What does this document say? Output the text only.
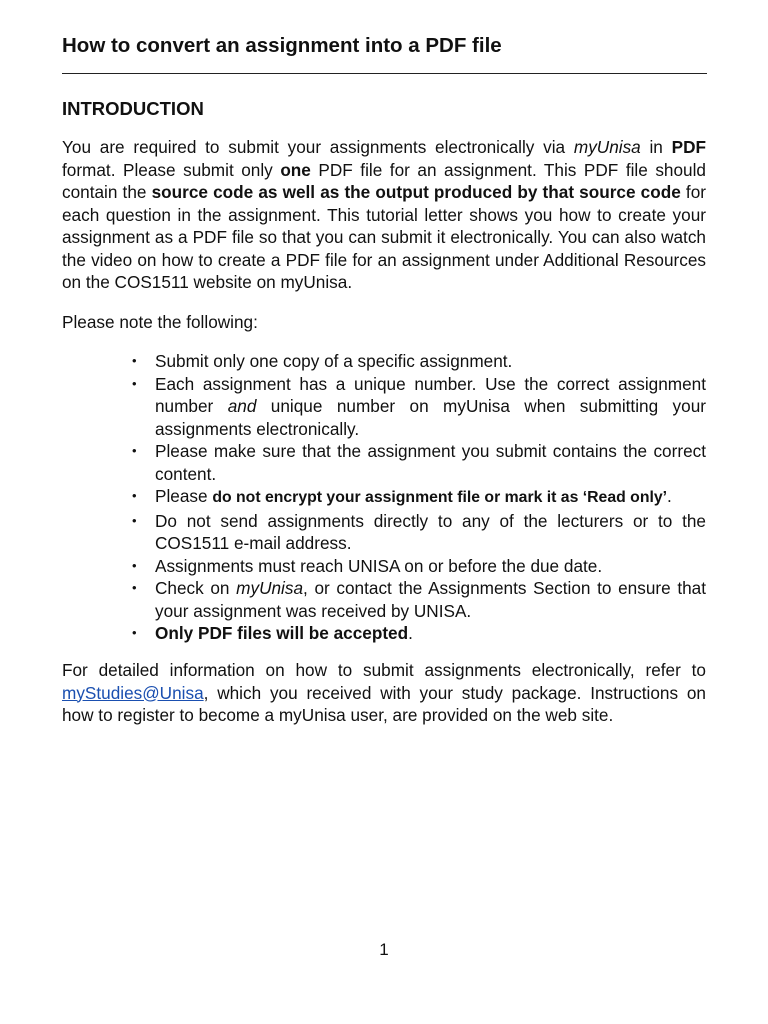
How to convert an assignment into a PDF file
INTRODUCTION

You are required to submit your assignments electronically via myUnisa in PDF format. Please submit only one PDF file for an assignment. This PDF file should contain the source code as well as the output produced by that source code for each question in the assignment. This tutorial letter shows you how to create your assignment as a PDF file so that you can submit it electronically. You can also watch the video on how to create a PDF file for an assignment under Additional Resources on the COS1511 website on myUnisa.

Please note the following:

• Submit only one copy of a specific assignment.
• Each assignment has a unique number. Use the correct assignment number and unique number on myUnisa when submitting your assignments electronically.
• Please make sure that the assignment you submit contains the correct content.
• Please do not encrypt your assignment file or mark it as ‘Read only’.
• Do not send assignments directly to any of the lecturers or to the COS1511 e-mail address.
• Assignments must reach UNISA on or before the due date.
• Check on myUnisa, or contact the Assignments Section to ensure that your assignment was received by UNISA.
• Only PDF files will be accepted.

For detailed information on how to submit assignments electronically, refer to myStudies@Unisa, which you received with your study package. Instructions on how to register to become a myUnisa user, are provided on the web site.

1
